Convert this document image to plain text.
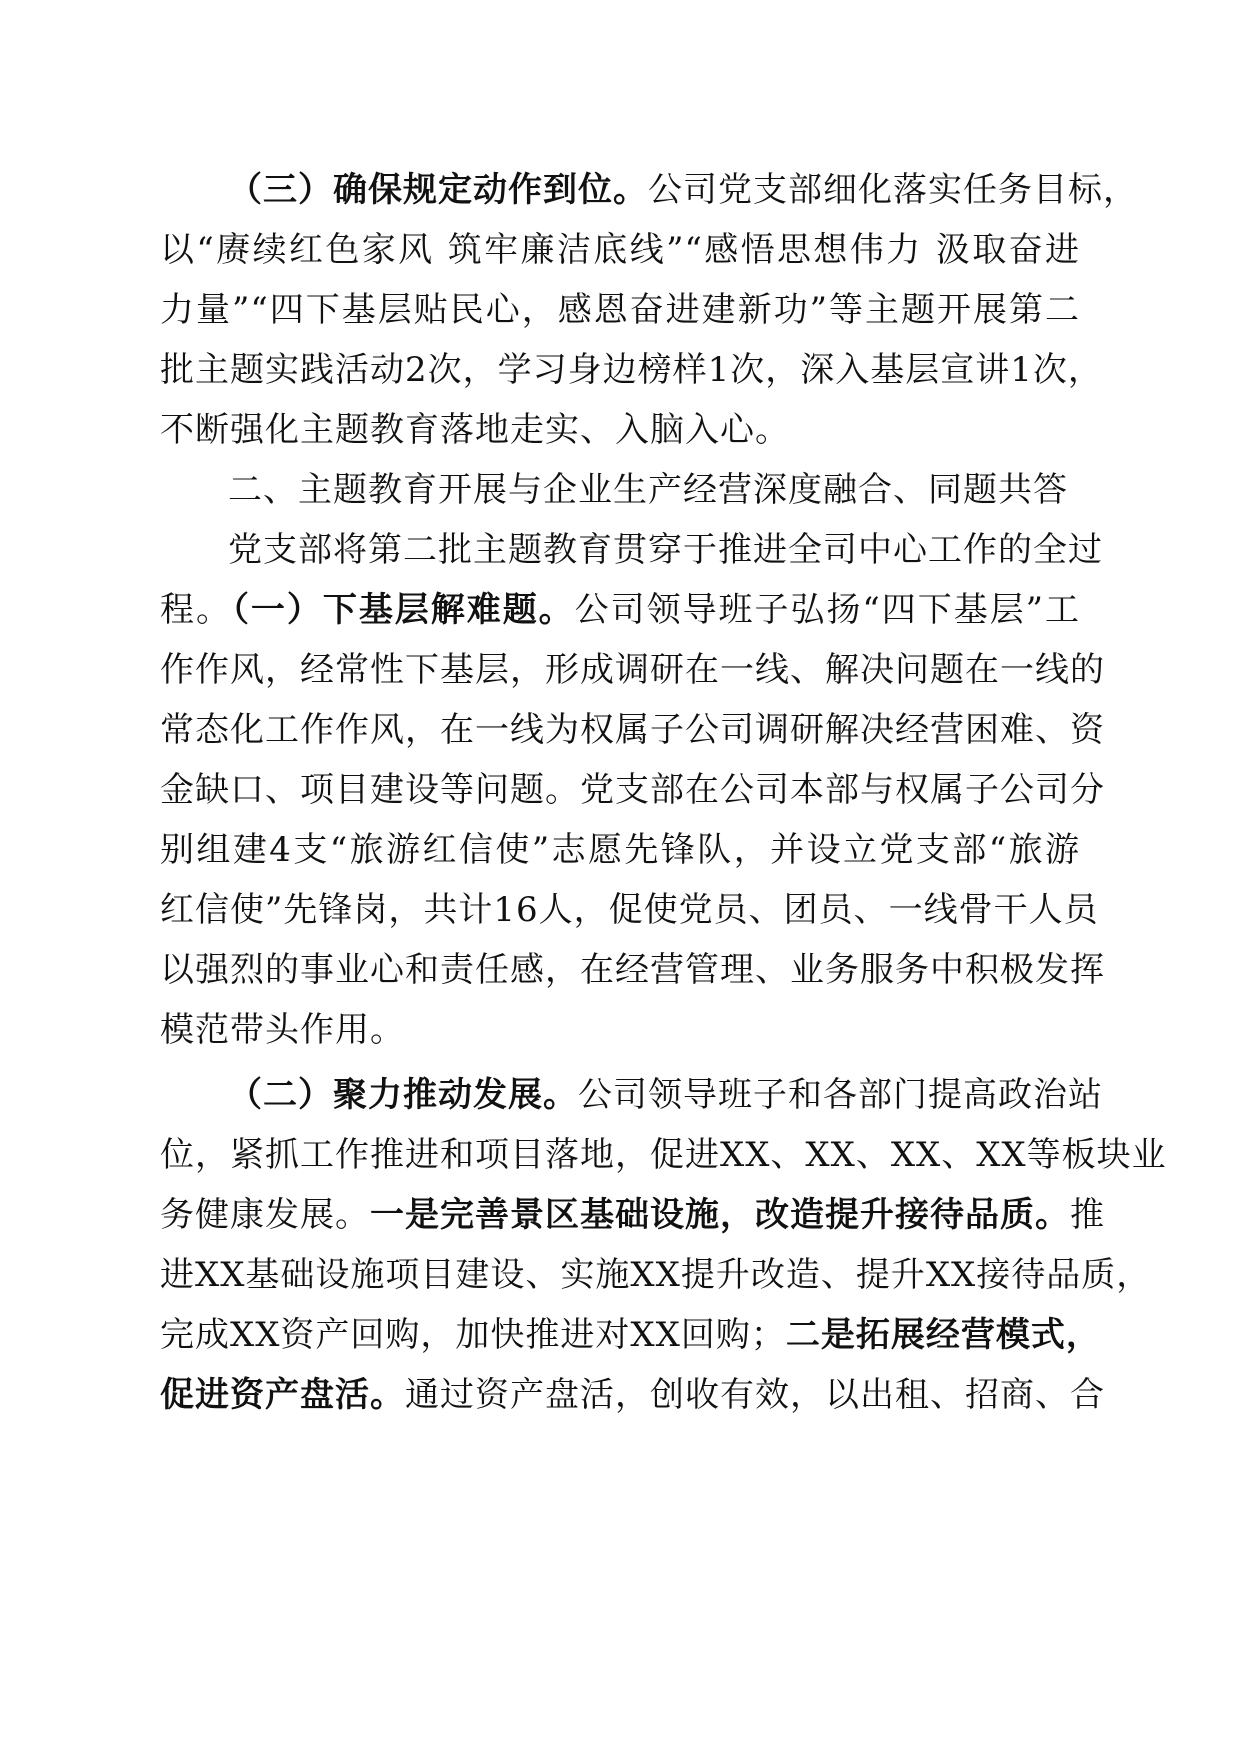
（三）确保规定动作到位。公司党支部细化落实任务目标，
以“赓续红色家风 筑牢廉洁底线”“感悟思想伟力 汲取奋进
力量”“四下基层贴民心，感恩奋进建新功”等主题开展第二
批主题实践活动2次，学习身边榜样1次，深入基层宣讲1次，
不断强化主题教育落地走实、入脑入心。
二、主题教育开展与企业生产经营深度融合、同题共答
党支部将第二批主题教育贯穿于推进全司中心工作的全过
程。（一）下基层解难题。公司领导班子弘扬“四下基层”工
作作风，经常性下基层，形成调研在一线、解决问题在一线的
常态化工作作风，在一线为权属子公司调研解决经营困难、资
金缺口、项目建设等问题。党支部在公司本部与权属子公司分
别组建4支“旅游红信使”志愿先锋队，并设立党支部“旅游
红信使”先锋岗，共计16人，促使党员、团员、一线骨干人员
以强烈的事业心和责任感，在经营管理、业务服务中积极发挥
模范带头作用。
（二）聚力推动发展。公司领导班子和各部门提高政治站
位，紧抓工作推进和项目落地，促进XX、XX、XX、XX等板块业
务健康发展。一是完善景区基础设施，改造提升接待品质。推
进XX基础设施项目建设、实施XX提升改造、提升XX接待品质，
完成XX资产回购，加快推进对XX回购；二是拓展经营模式，
促进资产盘活。通过资产盘活，创收有效，以出租、招商、合
